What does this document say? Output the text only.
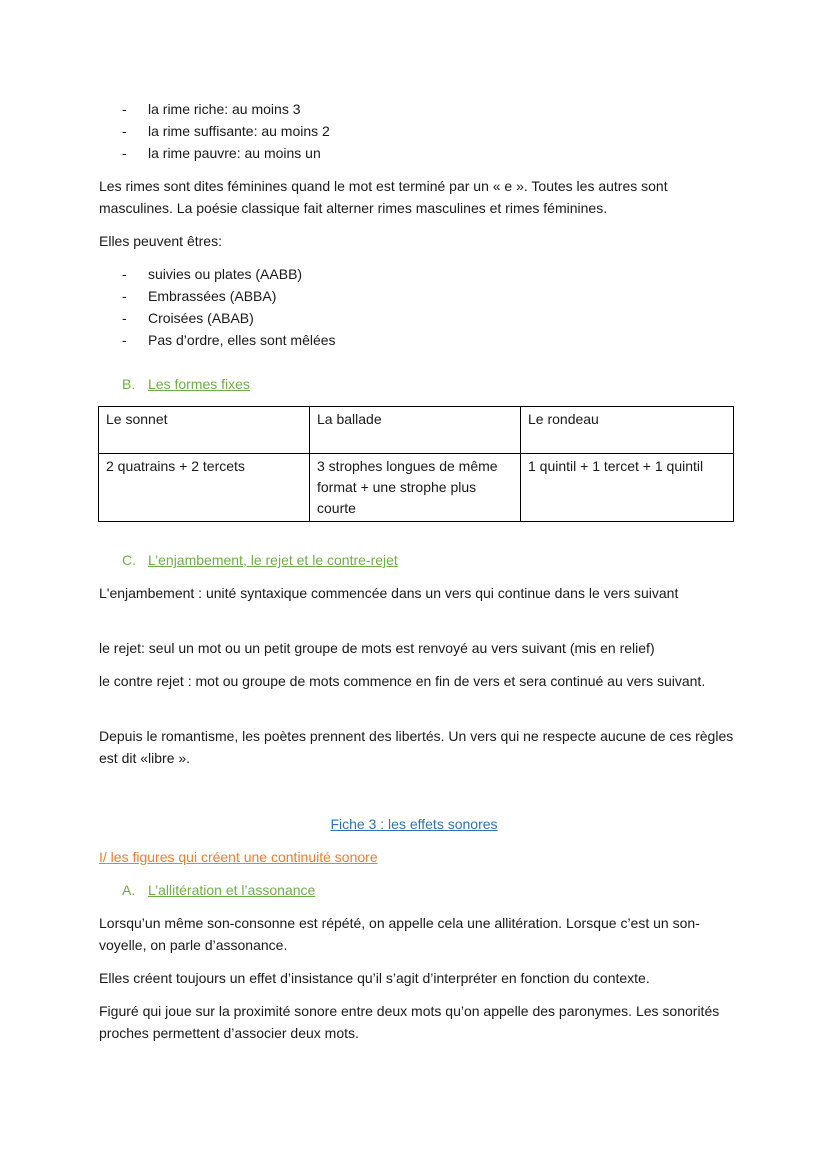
- la rime riche: au moins 3
- la rime suffisante: au moins 2
- la rime pauvre: au moins un

Les rimes sont dites féminines quand le mot est terminé par un « e ». Toutes les autres sont masculines. La poésie classique fait alterner rimes masculines et rimes féminines.

Elles peuvent êtres:

- suivies ou plates (AABB)
- Embrassées (ABBA)
- Croisées (ABAB)
- Pas d’ordre, elles sont mêlées
B. Les formes fixes
Le sonnet	La ballade	Le rondeau
2 quatrains + 2 tercets	3 strophes longues de même format + une strophe plus courte	1 quintil + 1 tercet + 1 quintil
C. L’enjambement, le rejet et le contre-rejet

L'enjambement : unité syntaxique commencée dans un vers qui continue dans le vers suivant

le rejet: seul un mot ou un petit groupe de mots est renvoyé au vers suivant (mis en relief)

le contre rejet : mot ou groupe de mots commence en fin de vers et sera continué au vers suivant.

Depuis le romantisme, les poètes prennent des libertés. Un vers qui ne respecte aucune de ces règles est dit «libre ».

Fiche 3 : les effets sonores
I/ les figures qui créent une continuité sonore
A. L’allitération et l’assonance

Lorsqu’un même son-consonne est répété, on appelle cela une allitération. Lorsque c’est un son-voyelle, on parle d’assonance.

Elles créent toujours un effet d’insistance qu’il s’agit d’interpréter en fonction du contexte.

Figuré qui joue sur la proximité sonore entre deux mots qu’on appelle des paronymes. Les sonorités proches permettent d’associer deux mots.
